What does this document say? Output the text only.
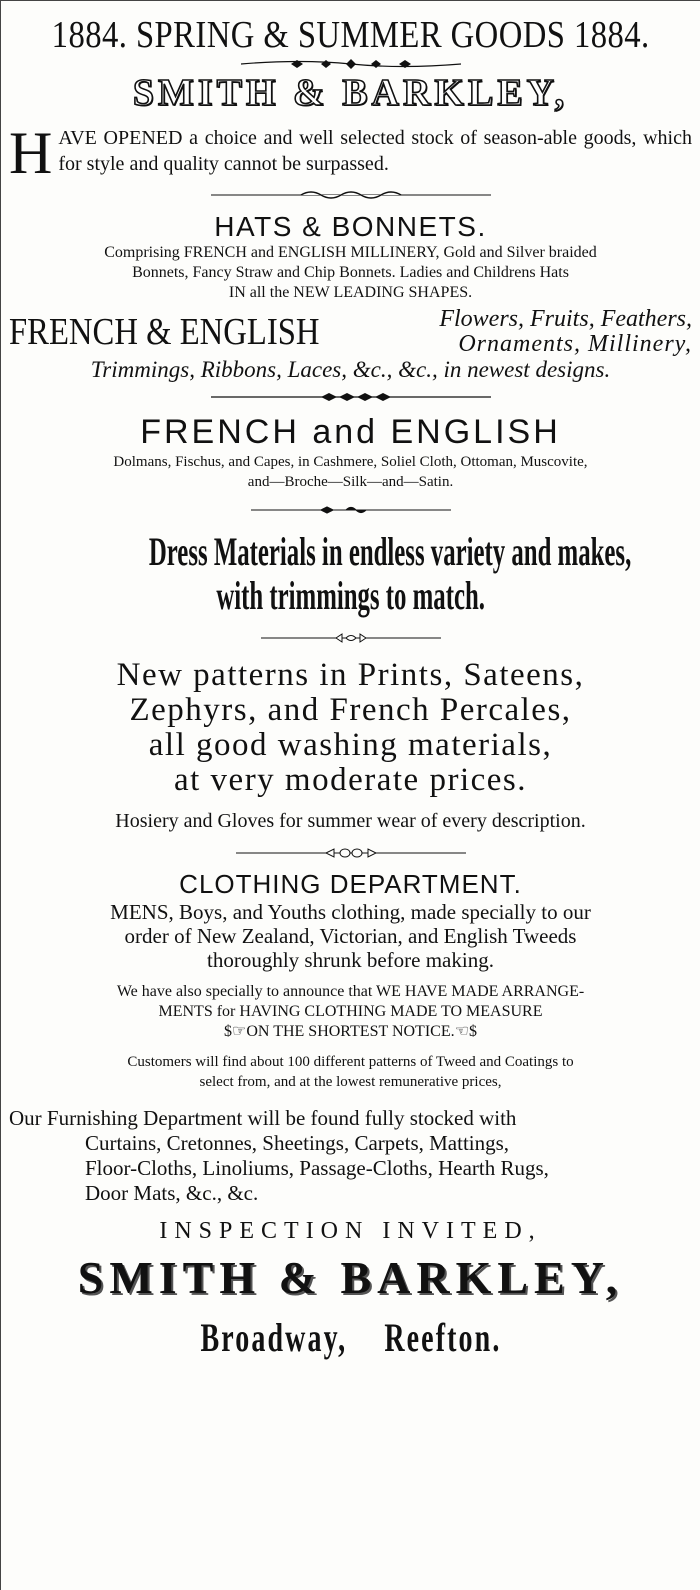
1884. SPRING & SUMMER GOODS 1884.

SMITH & BARKLEY,

H AVE OPENED a choice and well selected stock of season-able goods, which for style and quality cannot be surpassed.

HATS & BONNETS.

Comprising FRENCH and ENGLISH MILLINERY, Gold and Silver braided

Bonnets, Fancy Straw and Chip Bonnets. Ladies and Childrens Hats

IN all the NEW LEADING SHAPES.

FRENCH & ENGLISH	Flowers, Fruits, Feathers,
Ornaments, Millinery,

Trimmings, Ribbons, Laces, &c., &c., in newest designs.

FRENCH and ENGLISH

Dolmans, Fischus, and Capes, in Cashmere, Soliel Cloth, Ottoman, Muscovite,

and—Broche—Silk—and—Satin.

Dress Materials in endless variety and makes,

with trimmings to match.

New patterns in Prints, Sateens,

Zephyrs, and French Percales,

all good washing materials,

at very moderate prices.

Hosiery and Gloves for summer wear of every description.

CLOTHING DEPARTMENT.

MENS, Boys, and Youths clothing, made specially to our

order of New Zealand, Victorian, and English Tweeds

thoroughly shrunk before making.

We have also specially to announce that WE HAVE MADE ARRANGE-

MENTS for HAVING CLOTHING MADE TO MEASURE

$☞ON THE SHORTEST NOTICE.☜$

Customers will find about 100 different patterns of Tweed and Coatings to

select from, and at the lowest remunerative prices,

Our Furnishing Department will be found fully stocked with
Curtains, Cretonnes, Sheetings, Carpets, Mattings,
Floor-Cloths, Linoliums, Passage-Cloths, Hearth Rugs,
Door Mats, &c., &c.

INSPECTION INVITED,

SMITH & BARKLEY,

Broadway, Reefton.
